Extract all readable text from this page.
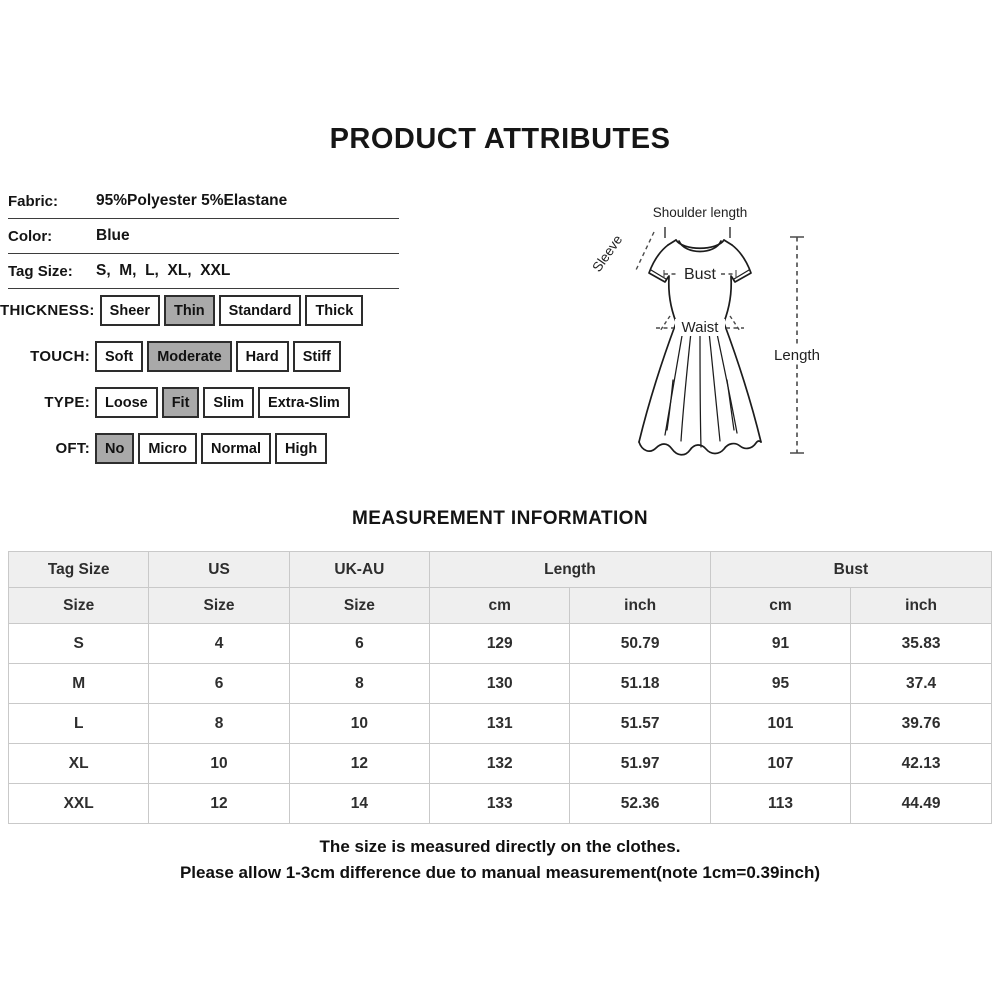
PRODUCT ATTRIBUTES
Fabric:	95%Polyester 5%Elastane
Color:	Blue
Tag Size:	S,  M,  L,  XL,  XXL
THICKNESS:	Sheer	Thin	Standard	Thick
TOUCH:	Soft	Moderate	Hard	Stiff
TYPE:	Loose	Fit	Slim	Extra-Slim
OFT:	No	Micro	Normal	High
Shoulder length
Sleeve	Bust
Waist
Length
MEASUREMENT INFORMATION
Tag Size	US	UK-AU	Length		Bust	
Size	Size	Size	cm	inch	cm	inch
S	4	6	129	50.79	91	35.83
M	6	8	130	51.18	95	37.4
L	8	10	131	51.57	101	39.76
XL	10	12	132	51.97	107	42.13
XXL	12	14	133	52.36	113	44.49
The size is measured directly on the clothes.
Please allow 1-3cm difference due to manual measurement(note 1cm=0.39inch)
